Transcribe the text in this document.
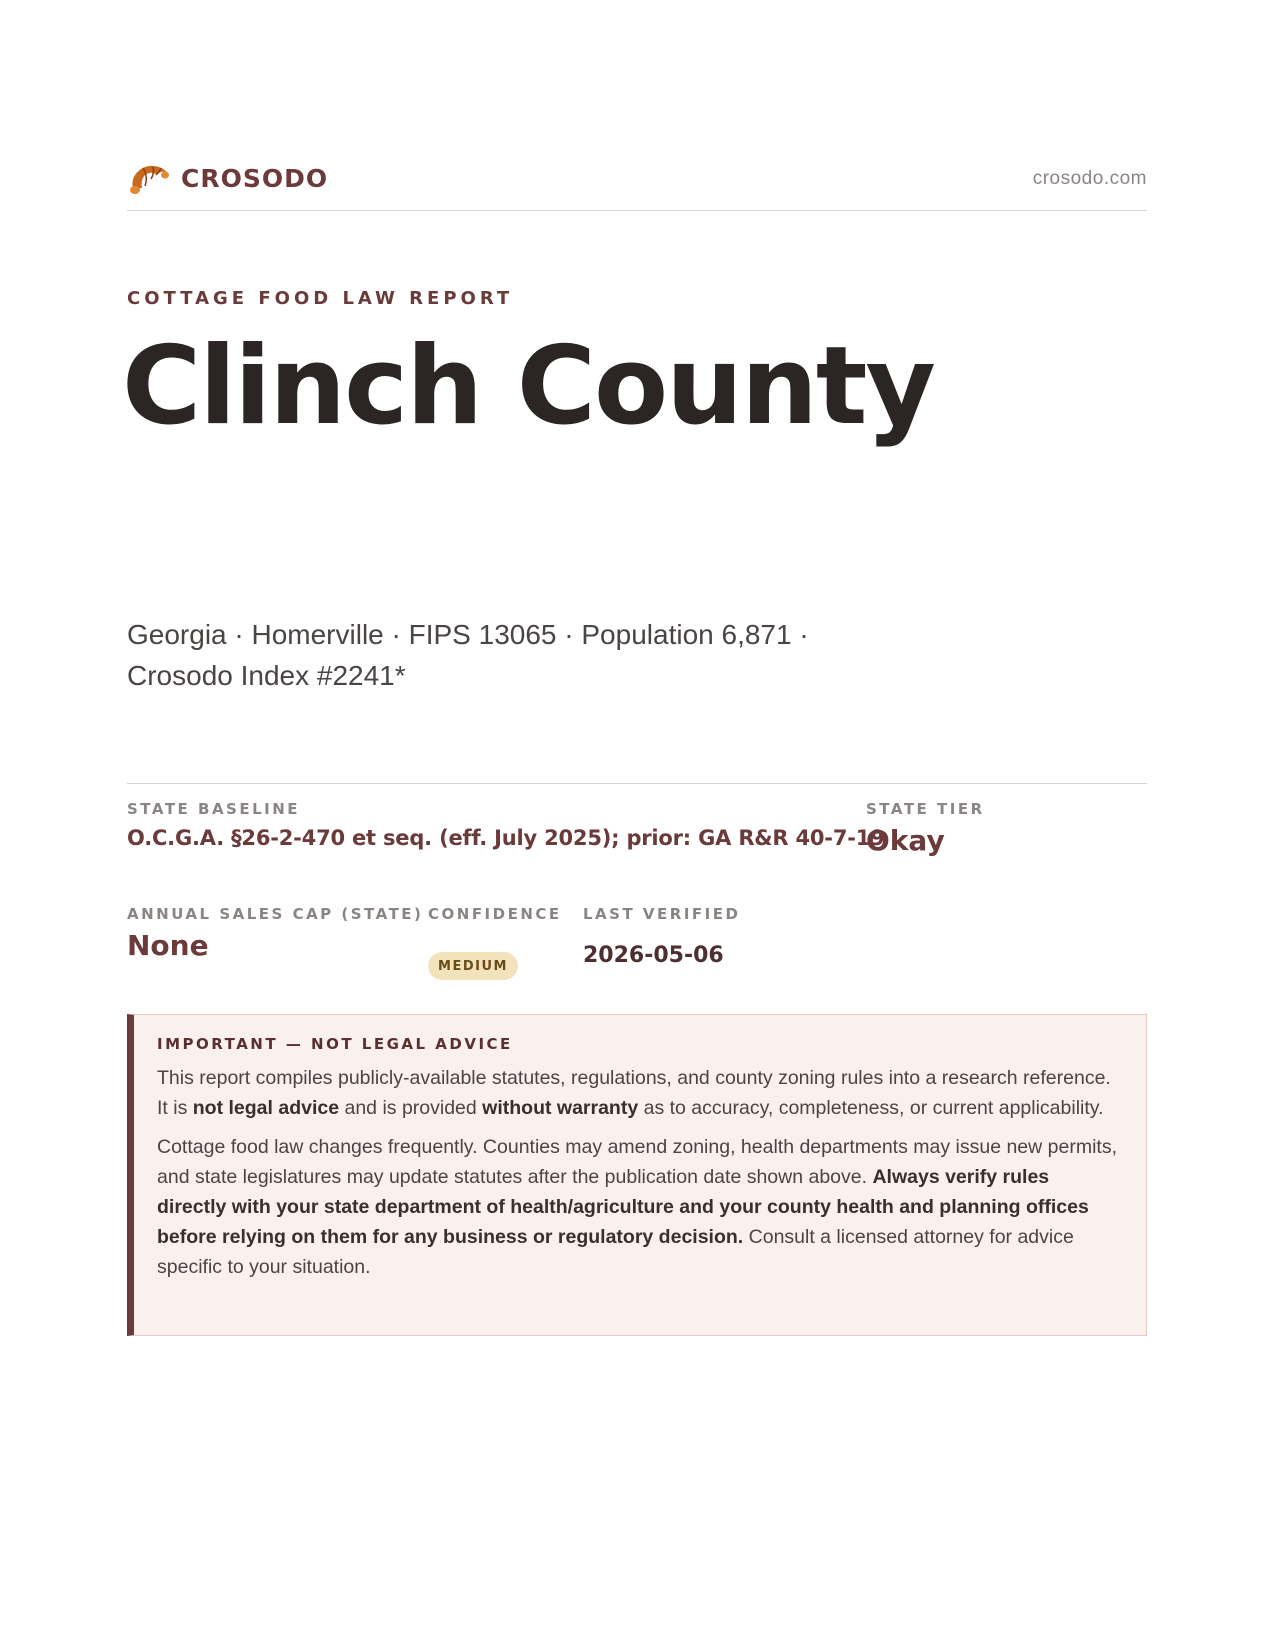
CROSODO	crosodo.com
COTTAGE FOOD LAW REPORT
Clinch County
Georgia · Homerville · FIPS 13065 · Population 6,871 ·
Crosodo Index #2241*
STATE BASELINE
O.C.G.A. §26-2-470 et seq. (eff. July 2025); prior: GA R&R 40-7-19
STATE TIER
Okay
ANNUAL SALES CAP (STATE)
None
CONFIDENCE
MEDIUM
LAST VERIFIED
2026-05-06
IMPORTANT — NOT LEGAL ADVICE

This report compiles publicly-available statutes, regulations, and county zoning rules into a research reference. It is not legal advice and is provided without warranty as to accuracy, completeness, or current applicability.

Cottage food law changes frequently. Counties may amend zoning, health departments may issue new permits, and state legislatures may update statutes after the publication date shown above. Always verify rules directly with your state department of health/agriculture and your county health and planning offices before relying on them for any business or regulatory decision. Consult a licensed attorney for advice specific to your situation.
